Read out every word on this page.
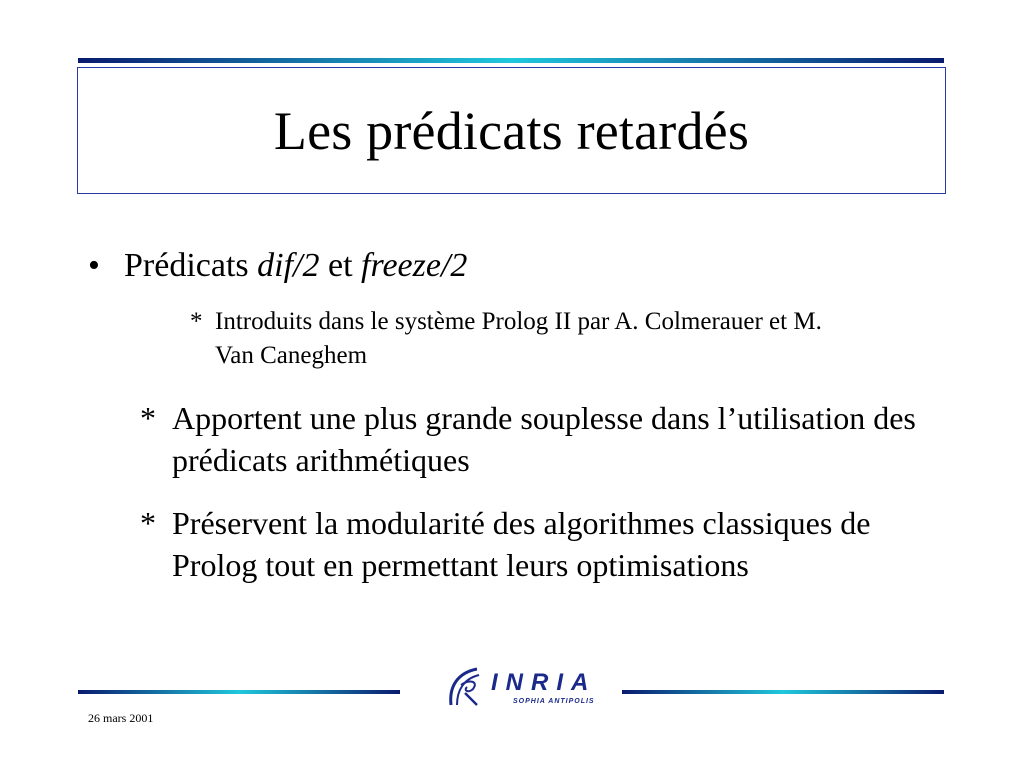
Les prédicats retardés
• Prédicats dif/2 et freeze/2
* Introduits dans le système Prolog II par A. Colmerauer et M. Van Caneghem
* Apportent une plus grande souplesse dans l’utilisation des prédicats arithmétiques
* Préservent la modularité des algorithmes classiques de Prolog tout en permettant leurs optimisations
INRIA
SOPHIA ANTIPOLIS
26 mars 2001
